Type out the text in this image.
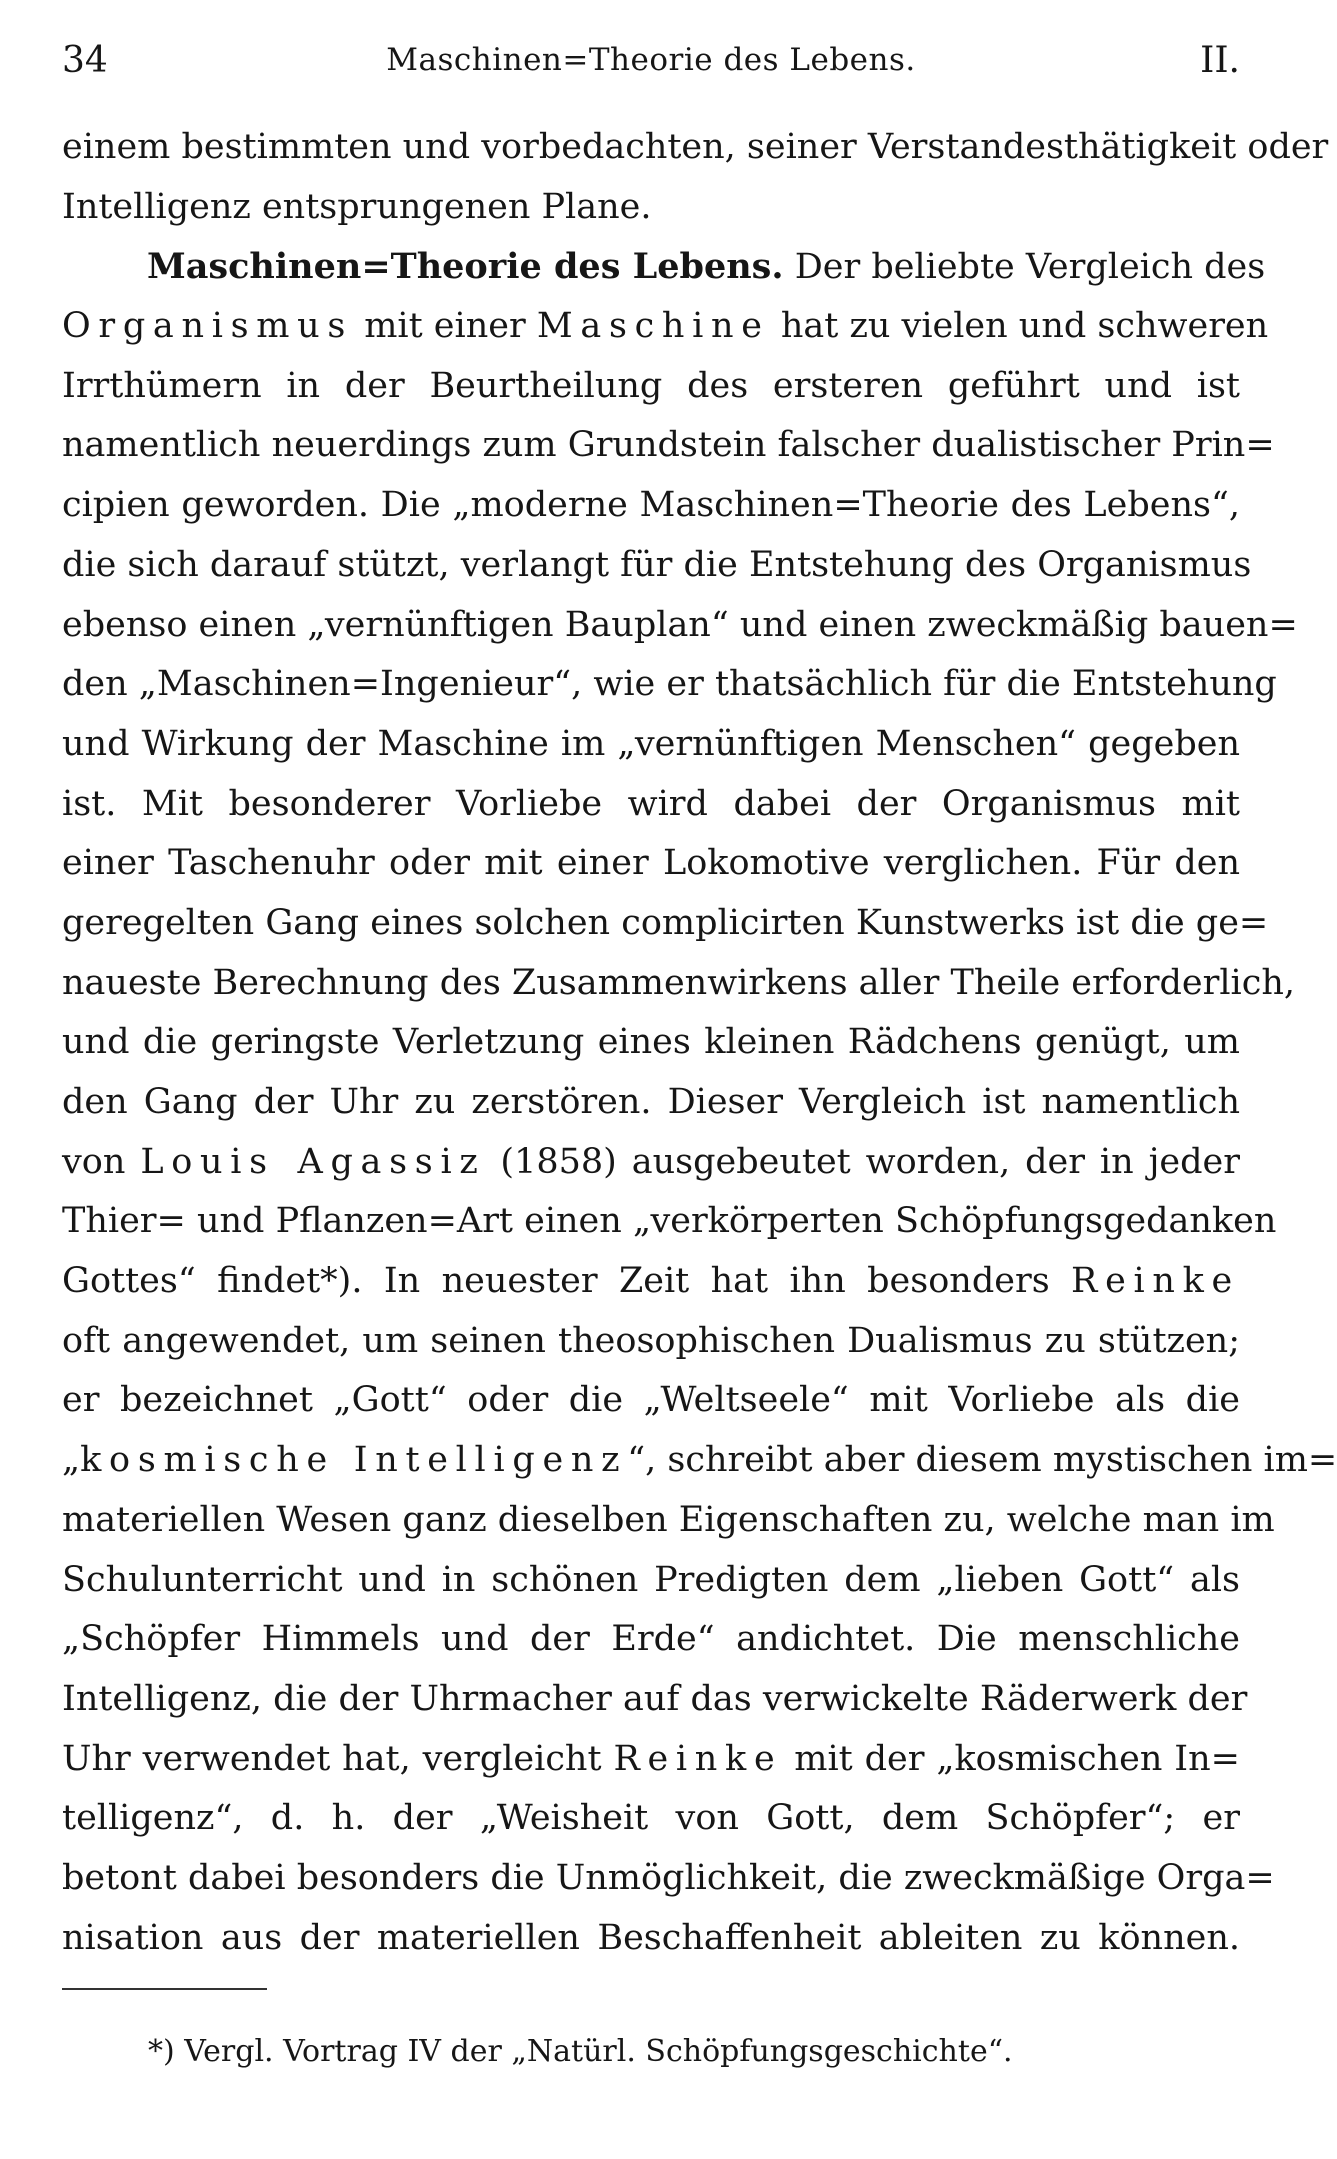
34	Maschinen=Theorie des Lebens.	II.
einem bestimmten und vorbedachten, seiner Verstandesthätigkeit oder
Intelligenz entsprungenen Plane.
Maschinen=Theorie des Lebens. Der beliebte Vergleich des
Organismus mit einer Maschine hat zu vielen und schweren
Irrthümern in der Beurtheilung des ersteren geführt und ist
namentlich neuerdings zum Grundstein falscher dualistischer Prin=
cipien geworden. Die „moderne Maschinen=Theorie des Lebens“,
die sich darauf stützt, verlangt für die Entstehung des Organismus
ebenso einen „vernünftigen Bauplan“ und einen zweckmäßig bauen=
den „Maschinen=Ingenieur“, wie er thatsächlich für die Entstehung
und Wirkung der Maschine im „vernünftigen Menschen“ gegeben
ist. Mit besonderer Vorliebe wird dabei der Organismus mit
einer Taschenuhr oder mit einer Lokomotive verglichen. Für den
geregelten Gang eines solchen complicirten Kunstwerks ist die ge=
naueste Berechnung des Zusammenwirkens aller Theile erforderlich,
und die geringste Verletzung eines kleinen Rädchens genügt, um
den Gang der Uhr zu zerstören. Dieser Vergleich ist namentlich
von Louis Agassiz (1858) ausgebeutet worden, der in jeder
Thier= und Pflanzen=Art einen „verkörperten Schöpfungsgedanken
Gottes“ findet*). In neuester Zeit hat ihn besonders Reinke
oft angewendet, um seinen theosophischen Dualismus zu stützen;
er bezeichnet „Gott“ oder die „Weltseele“ mit Vorliebe als die
„kosmische Intelligenz“, schreibt aber diesem mystischen im=
materiellen Wesen ganz dieselben Eigenschaften zu, welche man im
Schulunterricht und in schönen Predigten dem „lieben Gott“ als
„Schöpfer Himmels und der Erde“ andichtet. Die menschliche
Intelligenz, die der Uhrmacher auf das verwickelte Räderwerk der
Uhr verwendet hat, vergleicht Reinke mit der „kosmischen In=
telligenz“, d. h. der „Weisheit von Gott, dem Schöpfer“; er
betont dabei besonders die Unmöglichkeit, die zweckmäßige Orga=
nisation aus der materiellen Beschaffenheit ableiten zu können.
*) Vergl. Vortrag IV der „Natürl. Schöpfungsgeschichte“.
